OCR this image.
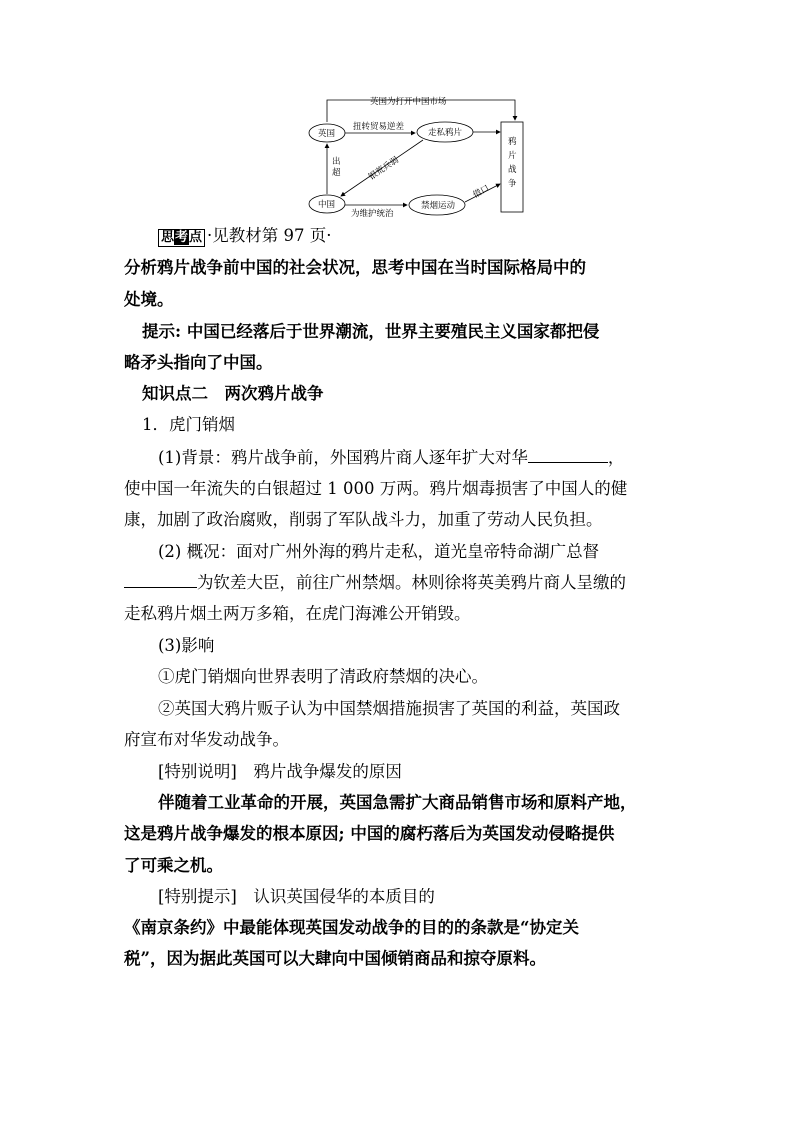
英国为打开中国市场
英国	走私鸦片
扭转贸易逆差
中国
出
超	银荒兵弱
禁烟运动
为维护统治
鸦
片
战
争
借口
思考点 ·见教材第 97 页·
分析鸦片战争前中国的社会状况，思考中国在当时国际格局中的
处境。
提示: 中国已经落后于世界潮流，世界主要殖民主义国家都把侵
略矛头指向了中国。
知识点二　两次鸦片战争
1．虎门销烟
(1)背景：鸦片战争前，外国鸦片商人逐年扩大对华	，
使中国一年流失的白银超过 1 000 万两。鸦片烟毒损害了中国人的健
康，加剧了政治腐败，削弱了军队战斗力，加重了劳动人民负担。
(2) 概况：面对广州外海的鸦片走私，道光皇帝特命湖广总督
为钦差大臣，前往广州禁烟。林则徐将英美鸦片商人呈缴的
走私鸦片烟土两万多箱，在虎门海滩公开销毁。
(3)影响
①虎门销烟向世界表明了清政府禁烟的决心。
②英国大鸦片贩子认为中国禁烟措施损害了英国的利益，英国政
府宣布对华发动战争。
[特别说明]　鸦片战争爆发的原因
伴随着工业革命的开展，英国急需扩大商品销售市场和原料产地，
这是鸦片战争爆发的根本原因; 中国的腐朽落后为英国发动侵略提供
了可乘之机。
[特别提示]　认识英国侵华的本质目的
《南京条约》中最能体现英国发动战争的目的的条款是“协定关
税”，因为据此英国可以大肆向中国倾销商品和掠夺原料。
